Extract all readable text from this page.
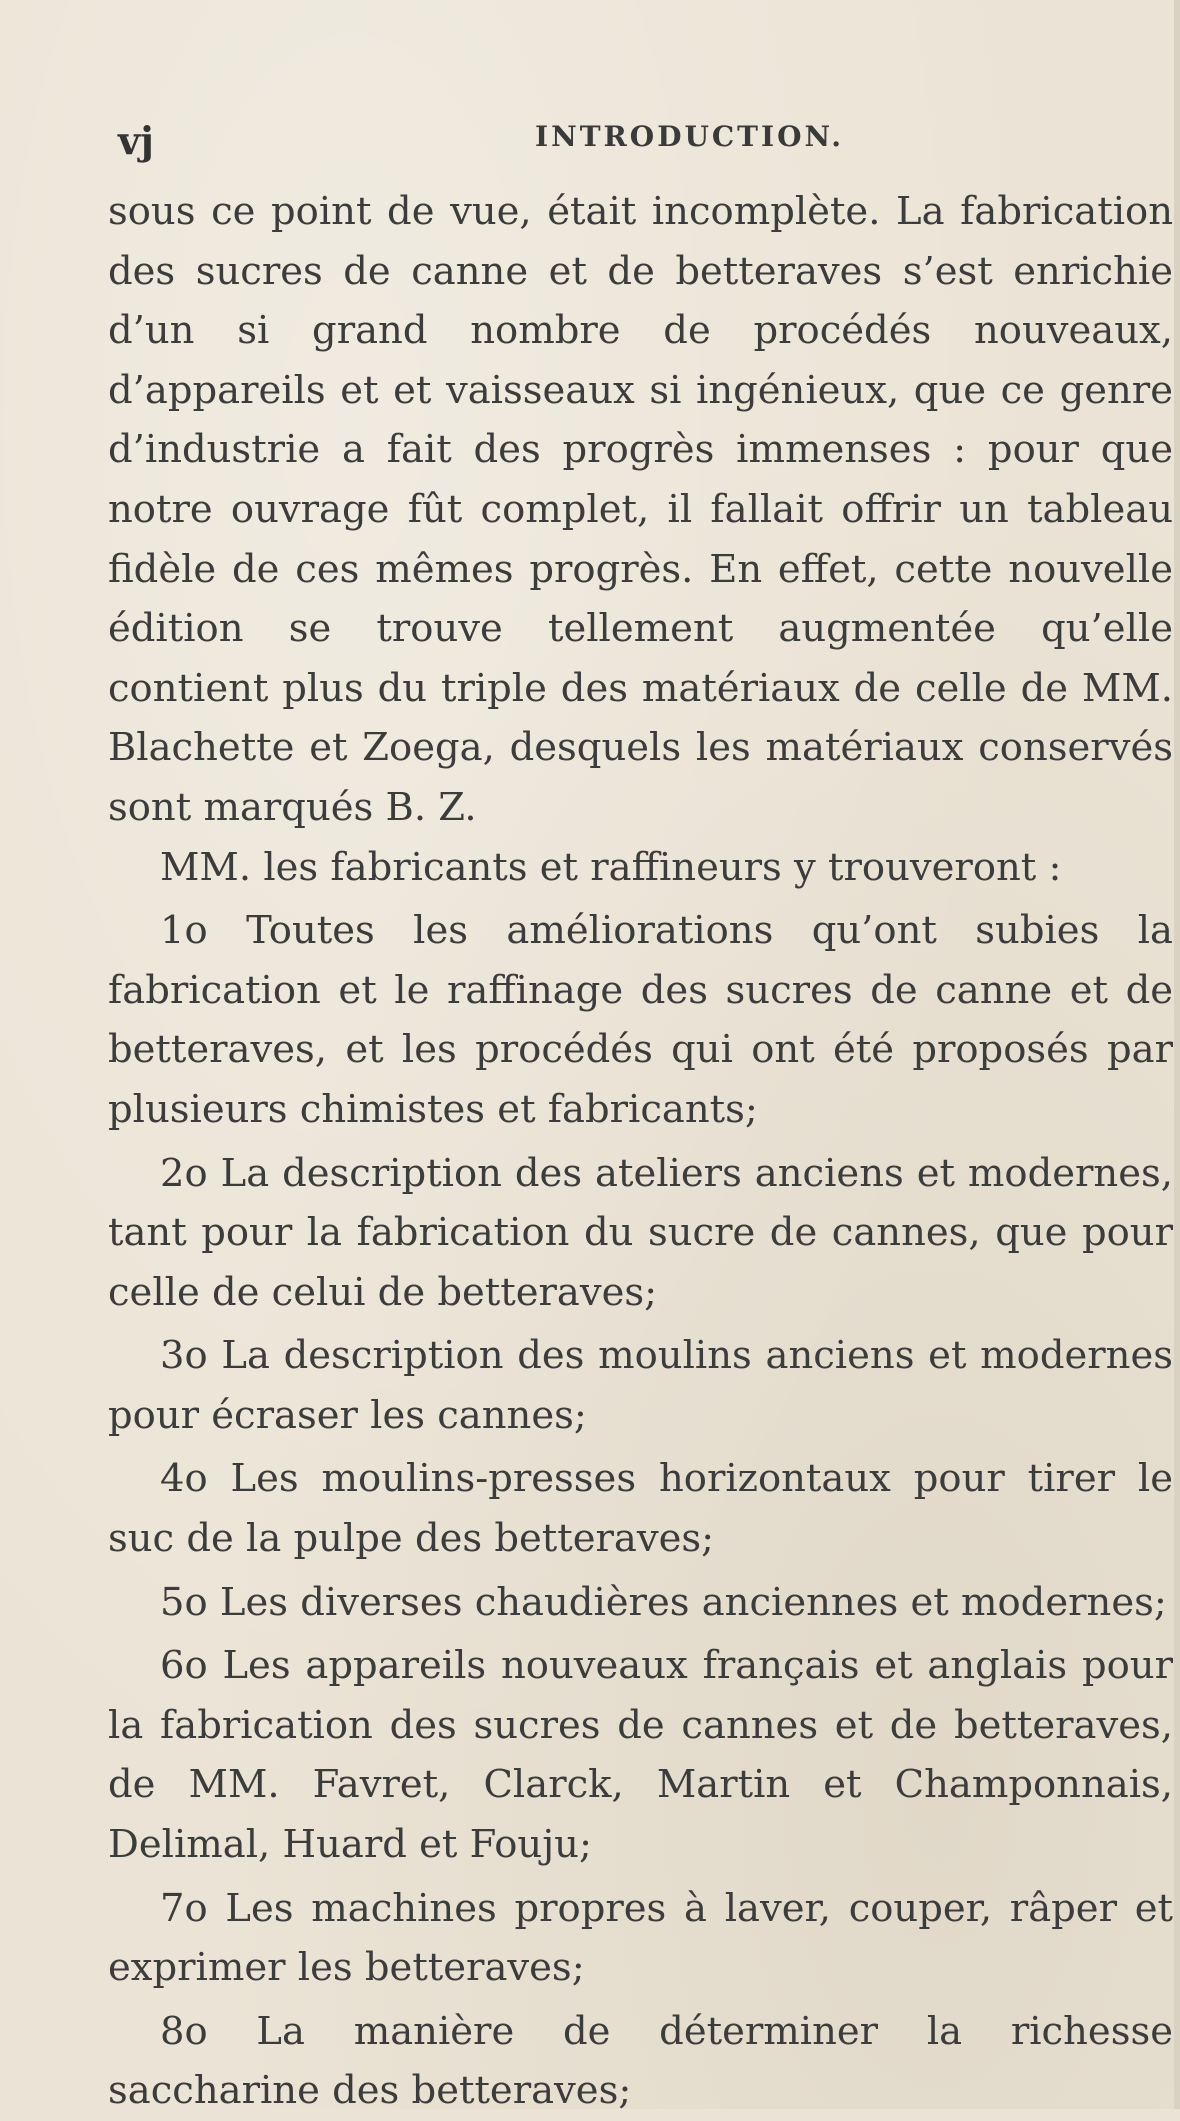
vj	INTRODUCTION.

sous ce point de vue, était incomplète. La fabrication des sucres de canne et de betteraves s’est enrichie d’un si grand nombre de procédés nouveaux, d’appareils et et vaisseaux si ingénieux, que ce genre d’industrie a fait des progrès immenses : pour que notre ouvrage fût complet, il fallait offrir un tableau fidèle de ces mêmes progrès. En effet, cette nouvelle édition se trouve tellement augmentée qu’elle contient plus du triple des matériaux de celle de MM. Blachette et Zoega, desquels les matériaux conservés sont marqués B. Z.

MM. les fabricants et raffineurs y trouveront :

1o Toutes les améliorations qu’ont subies la fabrication et le raffinage des sucres de canne et de betteraves, et les procédés qui ont été proposés par plusieurs chimistes et fabricants;

2o La description des ateliers anciens et modernes, tant pour la fabrication du sucre de cannes, que pour celle de celui de betteraves;

3o La description des moulins anciens et modernes pour écraser les cannes;

4o Les moulins-presses horizontaux pour tirer le suc de la pulpe des betteraves;

5o Les diverses chaudières anciennes et modernes;

6o Les appareils nouveaux français et anglais pour la fabrication des sucres de cannes et de betteraves, de MM. Favret, Clarck, Martin et Champonnais, Delimal, Huard et Fouju;

7o Les machines propres à laver, couper, râper et exprimer les betteraves;

8o La manière de déterminer la richesse saccharine des betteraves;
